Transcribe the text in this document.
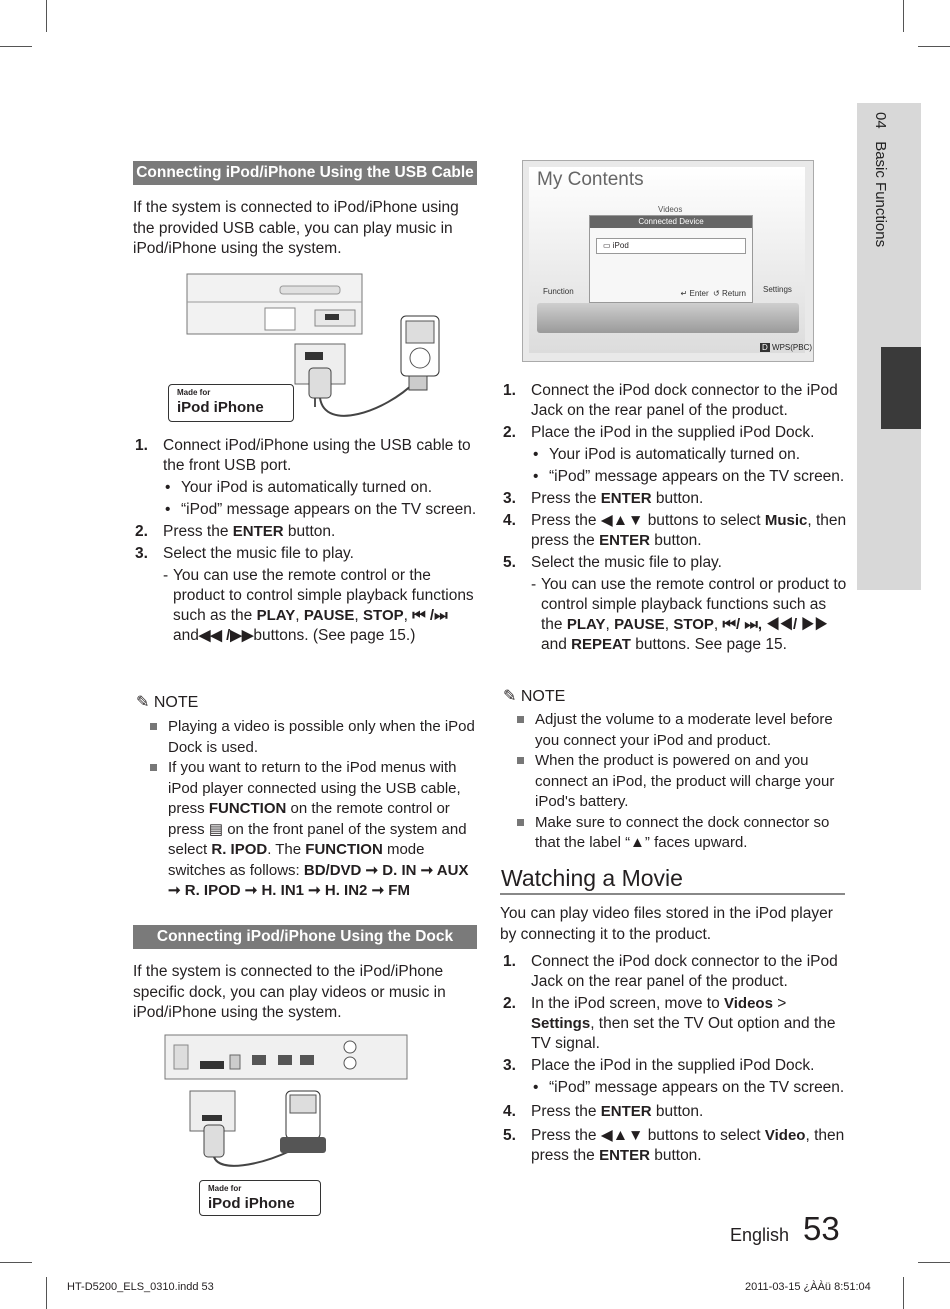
04   Basic Functions
Connecting iPod/iPhone Using the USB Cable
If the system is connected to iPod/iPhone using the provided USB cable, you can play music in iPod/iPhone using the system.
Made for
iPod iPhone
1. Connect iPod/iPhone using the USB cable to the front USB port.
• Your iPod is automatically turned on.
• “iPod” message appears on the TV screen.
2. Press the ENTER button.
3. Select the music file to play.
- You can use the remote control or the product to control simple playback functions such as the PLAY, PAUSE, STOP, ⏮ /⏭ and◀◀ /▶▶buttons. (See page 15.)
✎ NOTE
Playing a video is possible only when the iPod Dock is used.
If you want to return to the iPod menus with iPod player connected using the USB cable, press FUNCTION on the remote control or press ▤ on the front panel of the system and select R. IPOD. The FUNCTION mode switches as follows: BD/DVD ➞ D. IN ➞ AUX ➞ R. IPOD ➞ H. IN1 ➞ H. IN2 ➞ FM
Connecting iPod/iPhone Using the Dock
If the system is connected to the iPod/iPhone specific dock, you can play videos or music in iPod/iPhone using the system.
Made for
iPod iPhone
My Contents
Videos
Connected Device
▭ iPod
↵ Enter  ↺ Return
Function	Settings
D WPS(PBC)
1. Connect the iPod dock connector to the iPod Jack on the rear panel of the product.
2. Place the iPod in the supplied iPod Dock.
• Your iPod is automatically turned on.
• “iPod” message appears on the TV screen.
3. Press the ENTER button.
4. Press the ◀▲▼ buttons to select Music, then press the ENTER button.
5. Select the music file to play.
- You can use the remote control or product to control simple playback functions such as the PLAY, PAUSE, STOP, ⏮/ ⏭, ◀◀/ ▶▶ and REPEAT buttons. See page 15.
✎ NOTE
Adjust the volume to a moderate level before you connect your iPod and product.
When the product is powered on and you connect an iPod, the product will charge your iPod's battery.
Make sure to connect the dock connector so that the label “▲” faces upward.
Watching a Movie
You can play video files stored in the iPod player by connecting it to the product.
1. Connect the iPod dock connector to the iPod Jack on the rear panel of the product.
2. In the iPod screen, move to Videos > Settings, then set the TV Out option and the TV signal.
3. Place the iPod in the supplied iPod Dock.
• “iPod” message appears on the TV screen.
4. Press the ENTER button.
5. Press the ◀▲▼ buttons to select Video, then press the ENTER button.
English 53
HT-D5200_ELS_0310.indd 53	2011-03-15 ¿ÀÀü 8:51:04
